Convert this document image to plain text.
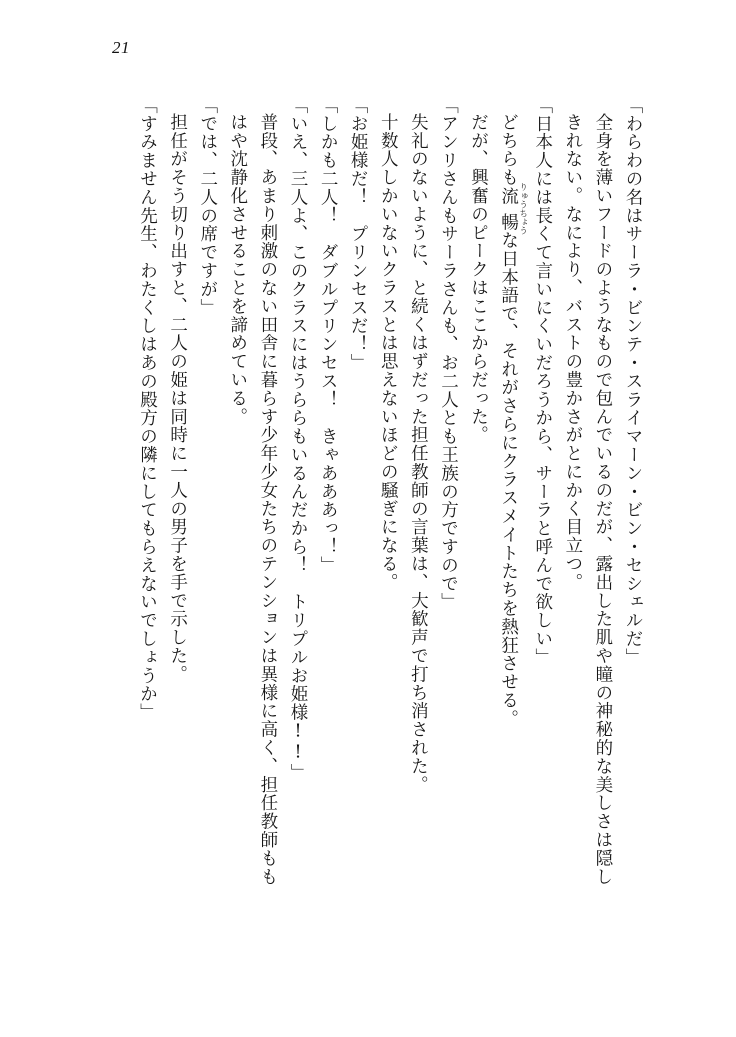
21
「わらわの名はサーラ・ビンテ・スライマーン・ビン・セシェルだ」
全身を薄いフードのようなもので包んでいるのだが、露出した肌や瞳の神秘的な美しさは隠しきれない。なにより、バストの豊かさがとにかく目立つ。
「日本人には長くて言いにくいだろうから、サーラと呼んで欲しい」
どちらも流暢 りゅうちょうな日本語で、それがさらにクラスメイトたちを熱狂させる。
だが、興奮のピークはここからだった。
「アンリさんもサーラさんも、お二人とも王族の方ですので」
失礼のないように、と続くはずだった担任教師の言葉は、大歓声で打ち消された。
十数人しかいないクラスとは思えないほどの騒ぎになる。
「お姫様だ！　プリンセスだ！」
「しかも二人！　ダブルプリンセス！　きゃあああっ！」
「いえ、三人よ、このクラスにはうららもいるんだから！　トリプルお姫様!!」
普段、あまり刺激のない田舎に暮らす少年少女たちのテンションは異様に高く、担任教師ももはや沈静化させることを諦めている。
「では、二人の席ですが」
担任がそう切り出すと、二人の姫は同時に一人の男子を手で示した。
「すみません先生、わたくしはあの殿方の隣にしてもらえないでしょうか」
